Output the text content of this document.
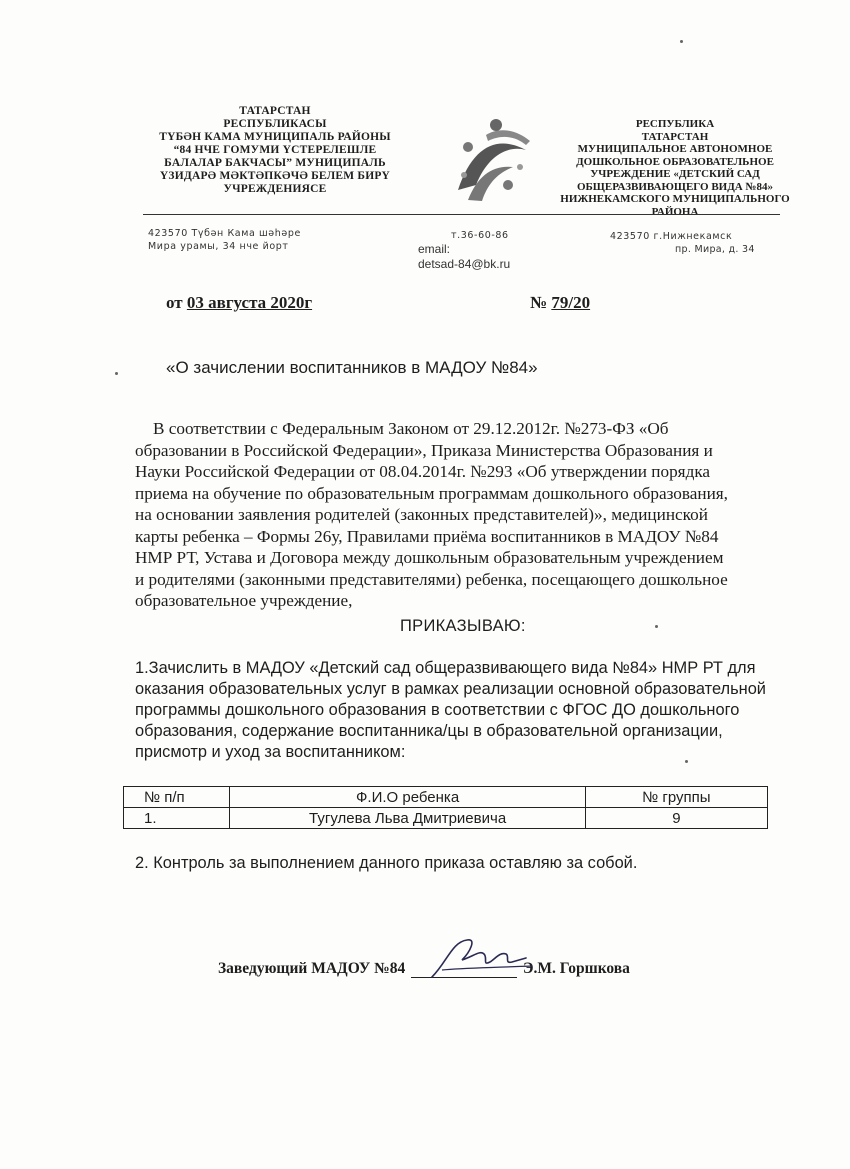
ТАТАРСТАН
РЕСПУБЛИКАСЫ
ТҮБӘН КАМА МУНИЦИПАЛЬ РАЙОНЫ
“84 НЧЕ ГОМУМИ ҮСТЕРЕЛЕШЛЕ
БАЛАЛАР БАКЧАСЫ” МУНИЦИПАЛЬ
ҮЗИДАРӘ МӘКТӘПКӘЧӘ БЕЛЕМ БИРҮ
УЧРЕЖДЕНИЯСЕ
РЕСПУБЛИКА
ТАТАРСТАН
МУНИЦИПАЛЬНОЕ АВТОНОМНОЕ
ДОШКОЛЬНОЕ ОБРАЗОВАТЕЛЬНОЕ
УЧРЕЖДЕНИЕ «ДЕТСКИЙ САД
ОБЩЕРАЗВИВАЮЩЕГО ВИДА №84»
НИЖНЕКАМСКОГО МУНИЦИПАЛЬНОГО
РАЙОНА
423570 Түбән Кама шәһәре
Мира урамы, 34 нче йорт
т.36-60-86
email:
detsad-84@bk.ru
423570 г.Нижнекамск
пр. Мира, д. 34
от 03 августа 2020г	№ 79/20
«О зачислении воспитанников в МАДОУ №84»
В соответствии с Федеральным Законом от 29.12.2012г. №273-ФЗ «Об
образовании в Российской Федерации», Приказа Министерства Образования и
Науки Российской Федерации от 08.04.2014г. №293 «Об утверждении порядка
приема на обучение по образовательным программам дошкольного образования,
на основании заявления родителей (законных представителей)», медицинской
карты ребенка – Формы 26у, Правилами приёма воспитанников в МАДОУ №84
НМР РТ, Устава и Договора между дошкольным образовательным учреждением
и родителями (законными представителями) ребенка, посещающего дошкольное
образовательное учреждение,
ПРИКАЗЫВАЮ:
1.Зачислить в МАДОУ «Детский сад общеразвивающего вида №84» НМР РТ для
оказания образовательных услуг в рамках реализации основной образовательной
программы дошкольного образования в соответствии с ФГОС ДО дошкольного
образования, содержание воспитанника/цы в образовательной организации,
присмотр и уход за воспитанником:
№ п/п	Ф.И.О ребенка	№ группы
1.	Тугулева Льва Дмитриевича	9
2. Контроль за выполнением данного приказа оставляю за собой.
Заведующий МАДОУ №84	Э.М. Горшкова
